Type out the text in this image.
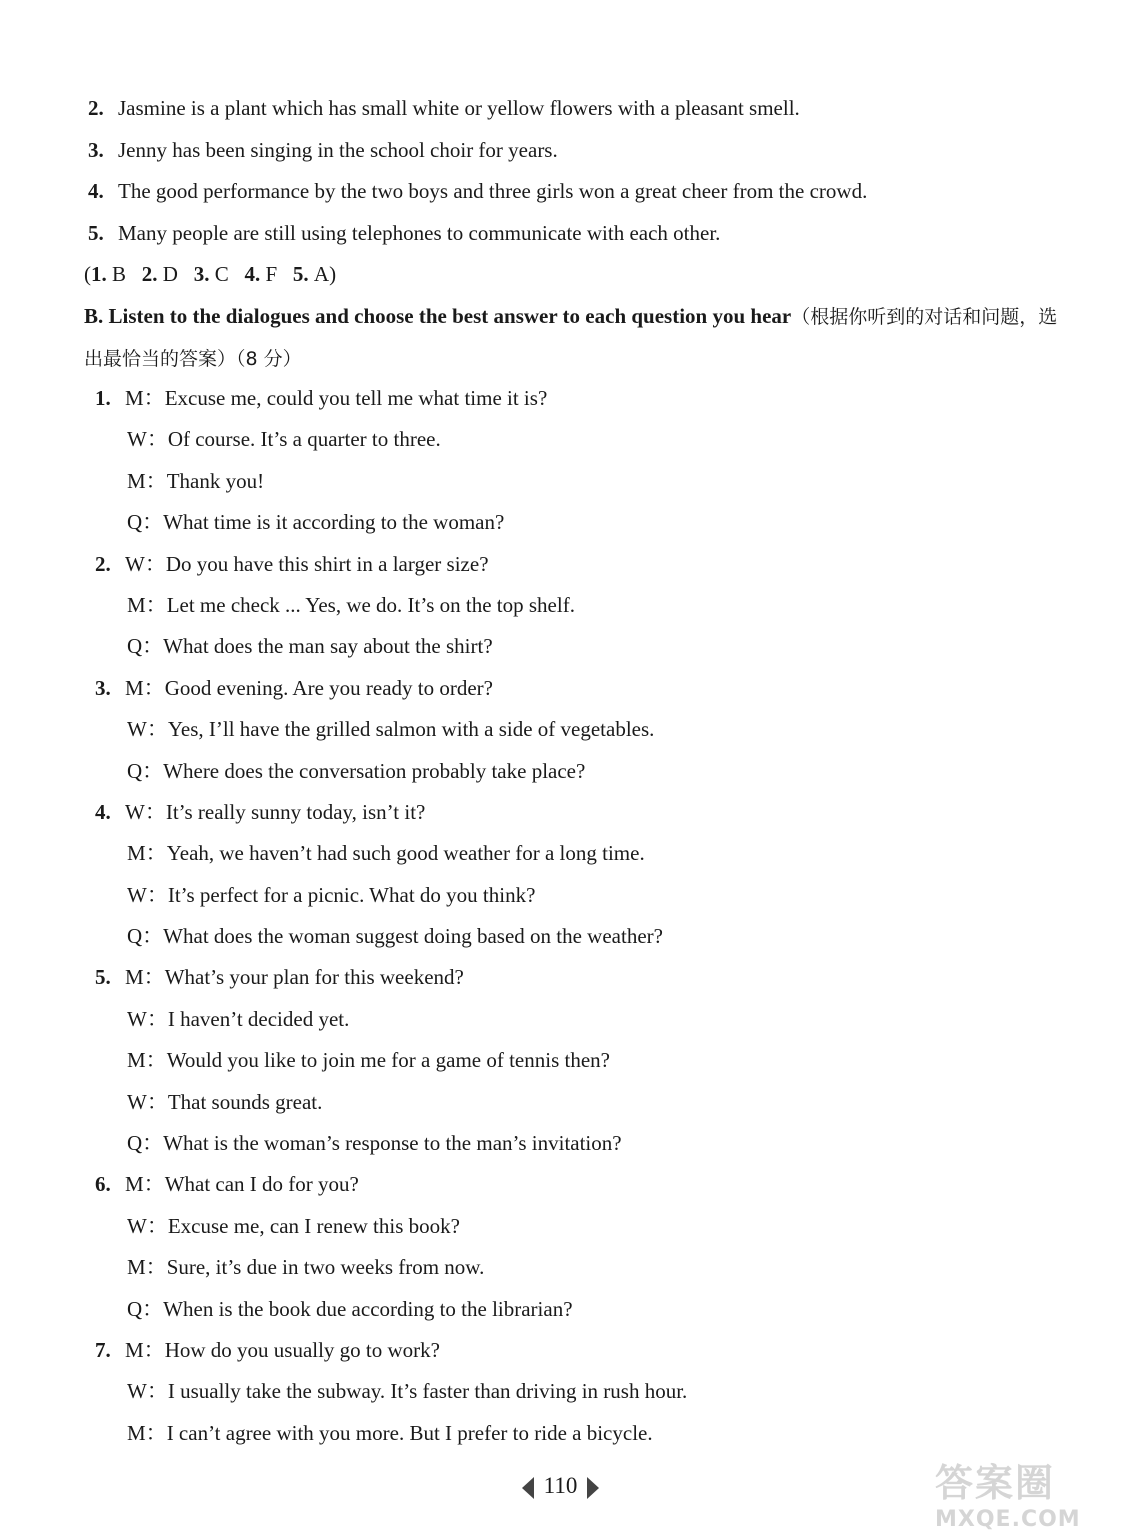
2. Jasmine is a plant which has small white or yellow flowers with a pleasant smell.
3. Jenny has been singing in the school choir for years.
4. The good performance by the two boys and three girls won a great cheer from the crowd.
5. Many people are still using telephones to communicate with each other.
(1. B 2. D 3. C 4. F 5. A)
B. Listen to the dialogues and choose the best answer to each question you hear（根据你听到的对话和问题，选出最恰当的答案）（8 分）
1. M：Excuse me, could you tell me what time it is?
W：Of course. It’s a quarter to three.
M：Thank you!
Q：What time is it according to the woman?
2. W：Do you have this shirt in a larger size?
M：Let me check ... Yes, we do. It’s on the top shelf.
Q：What does the man say about the shirt?
3. M：Good evening. Are you ready to order?
W：Yes, I’ll have the grilled salmon with a side of vegetables.
Q：Where does the conversation probably take place?
4. W：It’s really sunny today, isn’t it?
M：Yeah, we haven’t had such good weather for a long time.
W：It’s perfect for a picnic. What do you think?
Q：What does the woman suggest doing based on the weather?
5. M：What’s your plan for this weekend?
W：I haven’t decided yet.
M：Would you like to join me for a game of tennis then?
W：That sounds great.
Q：What is the woman’s response to the man’s invitation?
6. M：What can I do for you?
W：Excuse me, can I renew this book?
M：Sure, it’s due in two weeks from now.
Q：When is the book due according to the librarian?
7. M：How do you usually go to work?
W：I usually take the subway. It’s faster than driving in rush hour.
M：I can’t agree with you more. But I prefer to ride a bicycle.
110	答案圈
MXQE.COM
